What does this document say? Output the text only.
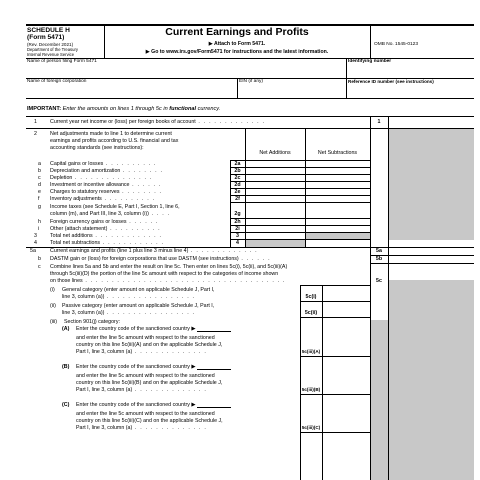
SCHEDULE H
(Form 5471)
(Rev. December 2021)
Department of the Treasury
Internal Revenue Service
Current Earnings and Profits
▶ Attach to Form 5471.
▶ Go to www.irs.gov/Form5471 for instructions and the latest information.
OMB No. 1545-0123
Name of person filing Form 5471	Identifying number
Name of foreign corporation	EIN (if any)	Reference ID number (see instructions)
IMPORTANT: Enter the amounts on lines 1 through 5c in functional currency.
1 Current year net income or (loss) per foreign books of account . . . . . . . . . . . . .	1
2 Net adjustments made to line 1 to determine current
earnings and profits according to U.S. financial and tax
accounting standards (see instructions):
Net Additions	Net Subtractions
a Capital gains or losses . . . . . . . . . .	2a
b Depreciation and amortization . . . . . . . .	2b
c Depletion . . . . . . . . . . . . . . .	2c
d Investment or incentive allowance . . . . . .	2d
e Charges to statutory reserves . . . . . . . .	2e
f Inventory adjustments . . . . . . . . . .	2f
g Income taxes (see Schedule E, Part I, Section 1, line 6,
column (m), and Part III, line 3, column (i)) . . . .	2g
h Foreign currency gains or losses . . . . . .	2h
i Other (attach statement) . . . . . . . . . .	2i
3 Total net additions . . . . . . . . . . . . .	3
4 Total net subtractions . . . . . . . . . . . .	4
5a	Current earnings and profits (line 1 plus line 3 minus line 4) . . . . . . . . . . . . .	5a
b DASTM gain or (loss) for foreign corporations that use DASTM (see instructions) . . . . . .	5b
c Combine lines 5a and 5b and enter the result on line 5c. Then enter on lines 5c(i), 5c(ii), and 5c(iii)(A)
through 5c(iii)(D) the portion of the line 5c amount with respect to the categories of income shown
on those lines . . . . . . . . . . . . . . . . . . . . . . . . . . . . . . . . . . . . . .	5c
(i) General category (enter amount on applicable Schedule J, Part I,
line 3, column (a)) . . . . . . . . . . . . . . . . .	5c(i)
(ii) Passive category (enter amount on applicable Schedule J, Part I,
line 3, column (a)) . . . . . . . . . . . . . . . . .	5c(ii)
(iii) Section 901(j) category:
(A) Enter the country code of the sanctioned country ▶
and enter the line 5c amount with respect to the sanctioned
country on this line 5c(iii)(A) and on the applicable Schedule J,
Part I, line 3, column (a) . . . . . . . . . . . . . .	5c(iii)(A)
(B) Enter the country code of the sanctioned country ▶
and enter the line 5c amount with respect to the sanctioned
country on this line 5c(iii)(B) and on the applicable Schedule J,
Part I, line 3, column (a) . . . . . . . . . . . . . .	5c(iii)(B)
(C) Enter the country code of the sanctioned country ▶
and enter the line 5c amount with respect to the sanctioned
country on this line 5c(iii)(C) and on the applicable Schedule J,
Part I, line 3, column (a) . . . . . . . . . . . . . .	5c(iii)(C)
